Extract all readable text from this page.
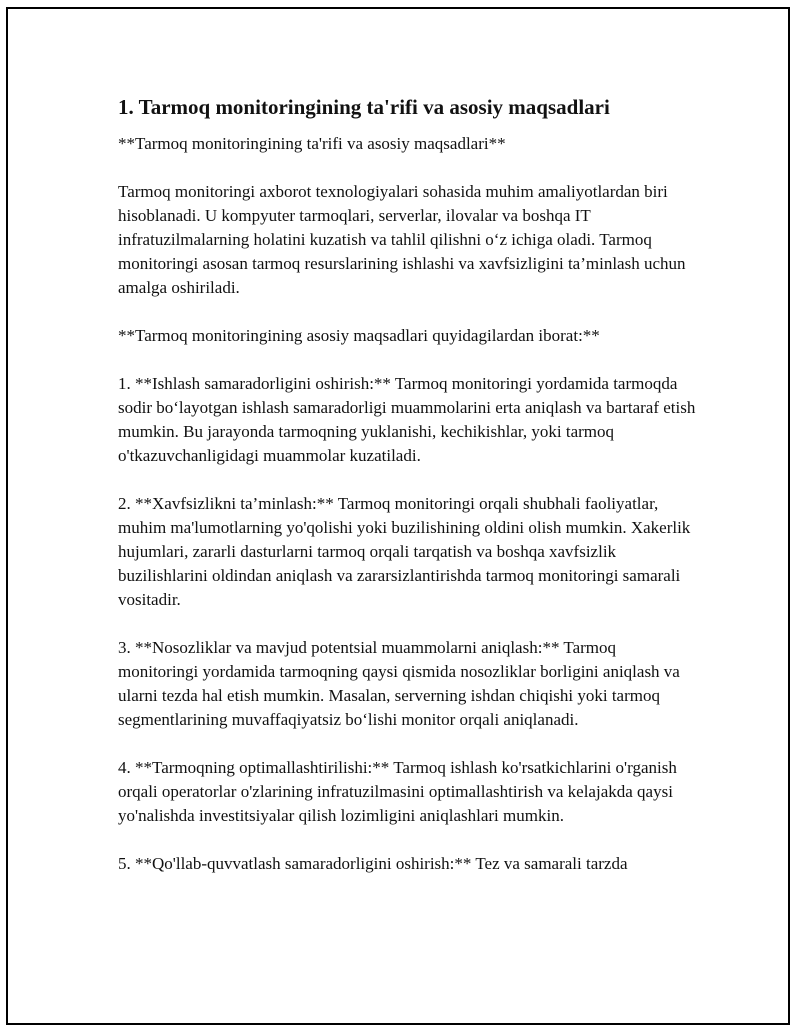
1. Tarmoq monitoringining ta'rifi va asosiy maqsadlari

**Tarmoq monitoringining ta'rifi va asosiy maqsadlari**

Tarmoq monitoringi axborot texnologiyalari sohasida muhim amaliyotlardan biri hisoblanadi. U kompyuter tarmoqlari, serverlar, ilovalar va boshqa IT infratuzilmalarning holatini kuzatish va tahlil qilishni o‘z ichiga oladi. Tarmoq monitoringi asosan tarmoq resurslarining ishlashi va xavfsizligini ta’minlash uchun amalga oshiriladi.

**Tarmoq monitoringining asosiy maqsadlari quyidagilardan iborat:**

1. **Ishlash samaradorligini oshirish:** Tarmoq monitoringi yordamida tarmoqda sodir bo‘layotgan ishlash samaradorligi muammolarini erta aniqlash va bartaraf etish mumkin. Bu jarayonda tarmoqning yuklanishi, kechikishlar, yoki tarmoq o'tkazuvchanligidagi muammolar kuzatiladi.

2. **Xavfsizlikni ta’minlash:** Tarmoq monitoringi orqali shubhali faoliyatlar, muhim ma'lumotlarning yo'qolishi yoki buzilishining oldini olish mumkin. Xakerlik hujumlari, zararli dasturlarni tarmoq orqali tarqatish va boshqa xavfsizlik buzilishlarini oldindan aniqlash va zararsizlantirishda tarmoq monitoringi samarali vositadir.

3. **Nosozliklar va mavjud potentsial muammolarni aniqlash:** Tarmoq monitoringi yordamida tarmoqning qaysi qismida nosozliklar borligini aniqlash va ularni tezda hal etish mumkin. Masalan, serverning ishdan chiqishi yoki tarmoq segmentlarining muvaffaqiyatsiz bo‘lishi monitor orqali aniqlanadi.

4. **Tarmoqning optimallashtirilishi:** Tarmoq ishlash ko'rsatkichlarini o'rganish orqali operatorlar o'zlarining infratuzilmasini optimallashtirish va kelajakda qaysi yo'nalishda investitsiyalar qilish lozimligini aniqlashlari mumkin.

5. **Qo'llab-quvvatlash samaradorligini oshirish:** Tez va samarali tarzda
